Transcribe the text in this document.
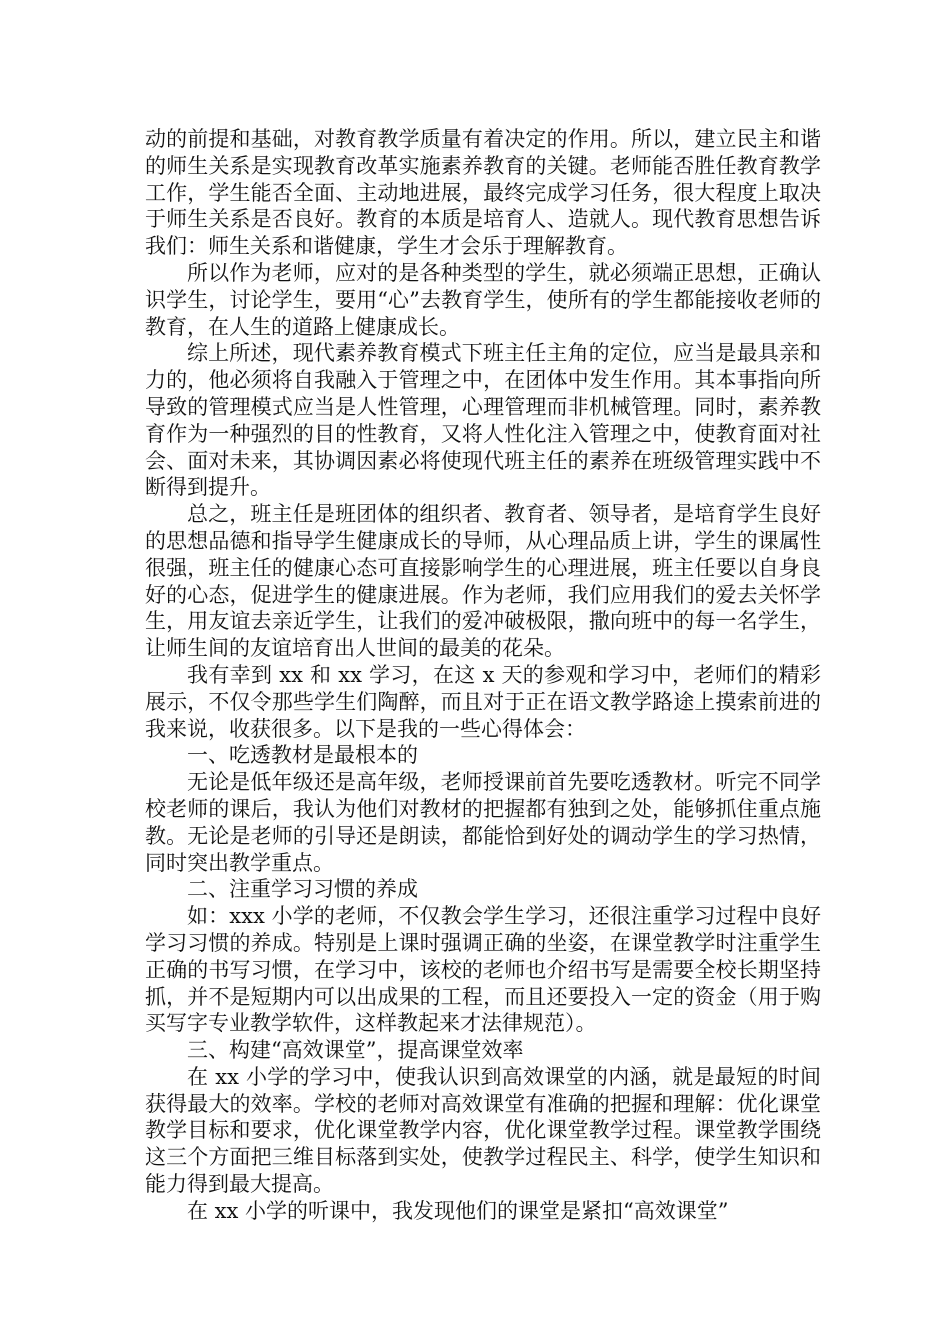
动的前提和基础，对教育教学质量有着决定的作用。所以，建立民主和谐的师生关系是实现教育改革实施素养教育的关键。老师能否胜任教育教学工作，学生能否全面、主动地进展，最终完成学习任务，很大程度上取决于师生关系是否良好。教育的本质是培育人、造就人。现代教育思想告诉我们：师生关系和谐健康，学生才会乐于理解教育。

所以作为老师，应对的是各种类型的学生，就必须端正思想，正确认识学生，讨论学生，要用“心”去教育学生，使所有的学生都能接收老师的教育，在人生的道路上健康成长。

综上所述，现代素养教育模式下班主任主角的定位，应当是最具亲和力的，他必须将自我融入于管理之中，在团体中发生作用。其本事指向所导致的管理模式应当是人性管理，心理管理而非机械管理。同时，素养教育作为一种强烈的目的性教育，又将人性化注入管理之中，使教育面对社会、面对未来，其协调因素必将使现代班主任的素养在班级管理实践中不断得到提升。

总之，班主任是班团体的组织者、教育者、领导者，是培育学生良好的思想品德和指导学生健康成长的导师，从心理品质上讲，学生的课属性很强，班主任的健康心态可直接影响学生的心理进展，班主任要以自身良好的心态，促进学生的健康进展。作为老师，我们应用我们的爱去关怀学生，用友谊去亲近学生，让我们的爱冲破极限，撒向班中的每一名学生，让师生间的友谊培育出人世间的最美的花朵。

我有幸到 xx 和 xx 学习，在这 x 天的参观和学习中，老师们的精彩展示，不仅令那些学生们陶醉，而且对于正在语文教学路途上摸索前进的我来说，收获很多。以下是我的一些心得体会：

一、吃透教材是最根本的

无论是低年级还是高年级，老师授课前首先要吃透教材。听完不同学校老师的课后，我认为他们对教材的把握都有独到之处，能够抓住重点施教。无论是老师的引导还是朗读，都能恰到好处的调动学生的学习热情，同时突出教学重点。

二、注重学习习惯的养成

如：xxx 小学的老师，不仅教会学生学习，还很注重学习过程中良好学习习惯的养成。特别是上课时强调正确的坐姿，在课堂教学时注重学生正确的书写习惯，在学习中，该校的老师也介绍书写是需要全校长期坚持抓，并不是短期内可以出成果的工程，而且还要投入一定的资金（用于购买写字专业教学软件，这样教起来才法律规范）。

三、构建“高效课堂”，提高课堂效率

在 xx 小学的学习中，使我认识到高效课堂的内涵，就是最短的时间获得最大的效率。学校的老师对高效课堂有准确的把握和理解：优化课堂教学目标和要求，优化课堂教学内容，优化课堂教学过程。课堂教学围绕这三个方面把三维目标落到实处，使教学过程民主、科学，使学生知识和能力得到最大提高。

在 xx 小学的听课中，我发现他们的课堂是紧扣“高效课堂”
